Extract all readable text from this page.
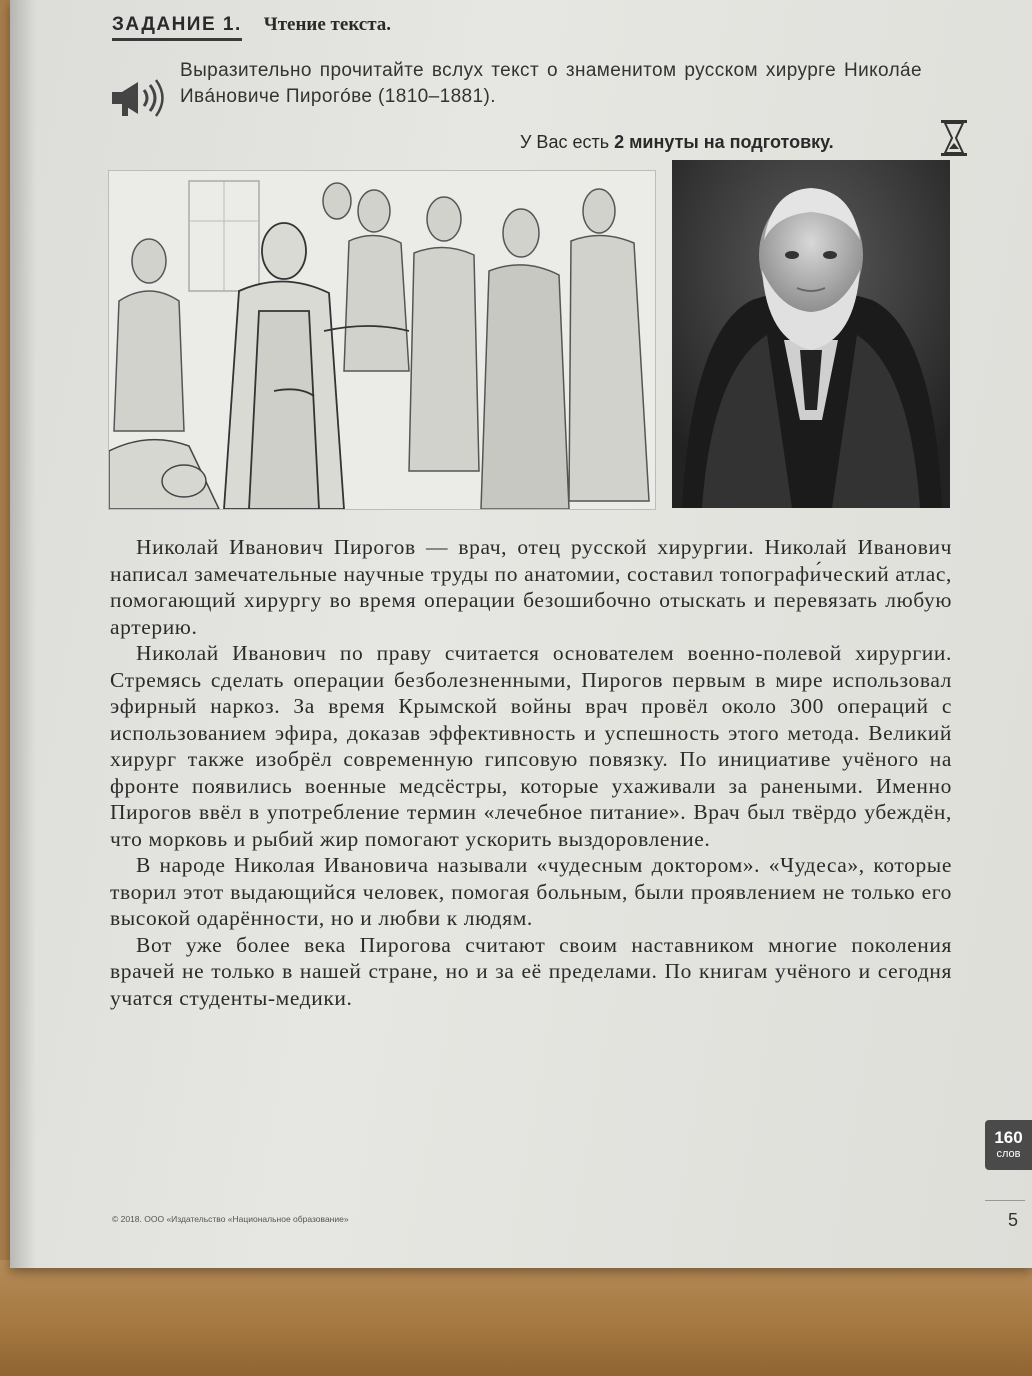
ЗАДАНИЕ 1. Чтение текста.
Выразительно прочитайте вслух текст о знаменитом русском хирурге Николáе Ивáновиче Пирогóве (1810–1881).
У Вас есть 2 минуты на подготовку.

Николай Иванович Пирогов — врач, отец русской хирургии. Николай Иванович написал замечательные научные труды по анатомии, составил топографи́ческий атлас, помогающий хирургу во время операции безошибочно отыскать и перевязать любую артерию.

Николай Иванович по праву считается основателем военно-полевой хирургии. Стремясь сделать операции безболезненными, Пирогов первым в мире использовал эфирный наркоз. За время Крымской войны врач провёл около 300 операций с использованием эфира, доказав эффективность и успешность этого метода. Великий хирург также изобрёл современную гипсовую повязку. По инициативе учёного на фронте появились военные медсёстры, которые ухаживали за ранеными. Именно Пирогов ввёл в употребление термин «лечебное питание». Врач был твёрдо убеждён, что морковь и рыбий жир помогают ускорить выздоровление.

В народе Николая Ивановича называли «чудесным доктором». «Чудеса», которые творил этот выдающийся человек, помогая больным, были проявлением не только его высокой одарённости, но и любви к людям.

Вот уже более века Пирогова считают своим наставником многие поколения врачей не только в нашей стране, но и за её пределами. По книгам учёного и сегодня учатся студенты-медики.

160
слов
5
© 2018. ООО «Издательство «Национальное образование»
